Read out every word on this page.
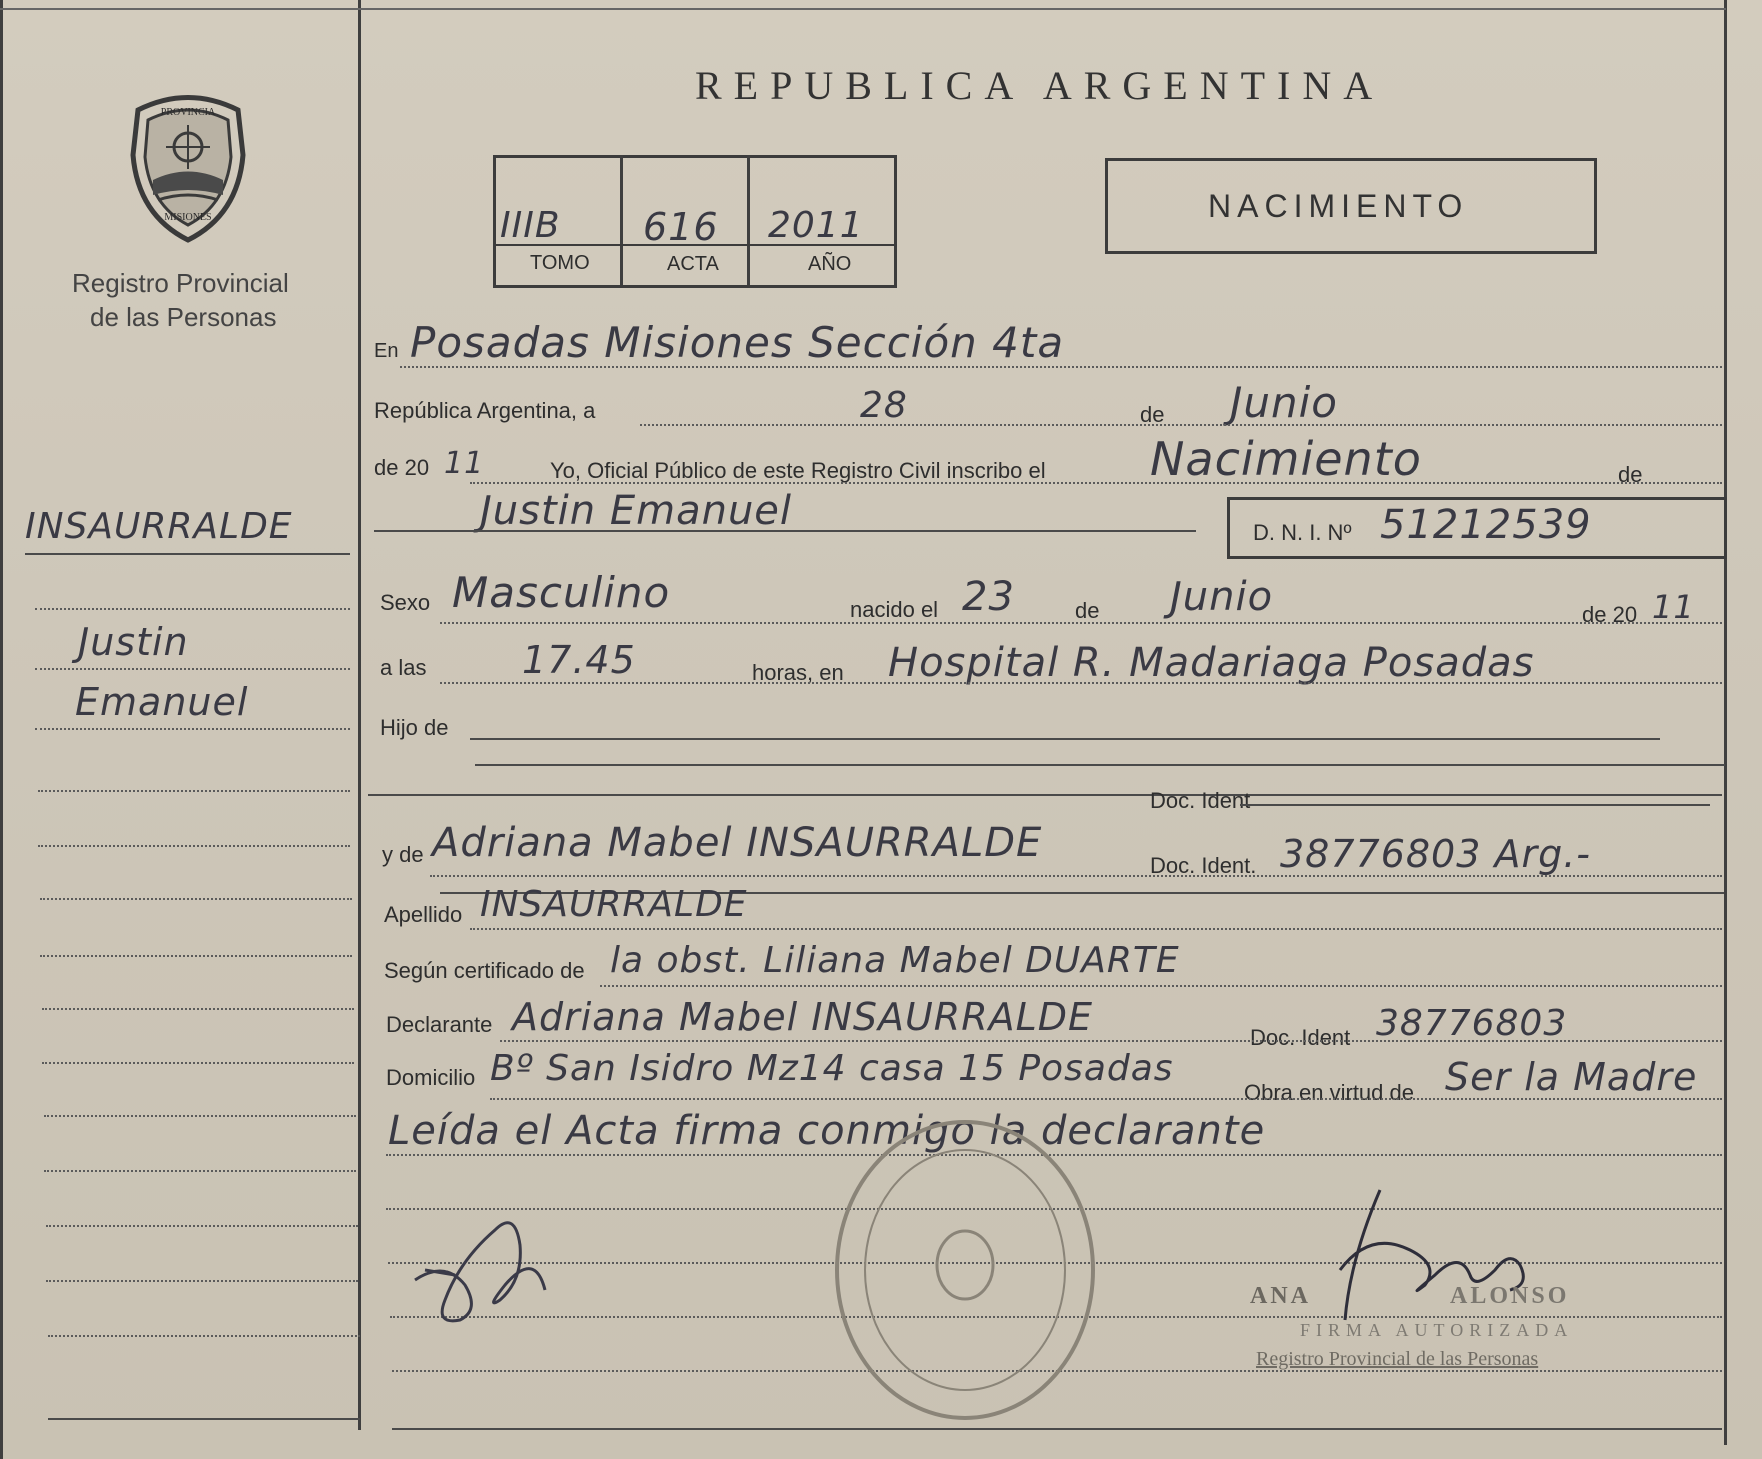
PROVINCIA
MISIONES
Registro Provincial
de las Personas
INSAURRALDE
Justin
Emanuel
REPUBLICA ARGENTINA
IIIB 616 2011
TOMO	ACTA	AÑO
NACIMIENTO
En Posadas Misiones Sección 4ta
República Argentina, a	28	de Junio
de 20 11	Yo, Oficial Público de este Registro Civil inscribo el Nacimiento	de
Justin Emanuel	D. N. I. Nº 51212539
Sexo Masculino	nacido el 23	de Junio	de 20 11
a las	17.45	horas, en Hospital R. Madariaga Posadas
Hijo de
Doc. Ident
y de Adriana Mabel INSAURRALDE	Doc. Ident. 38776803 Arg.-
Apellido INSAURRALDE
Según certificado de la obst. Liliana Mabel DUARTE
Declarante Adriana Mabel INSAURRALDE	Doc. Ident 38776803
Domicilio Bº San Isidro Mz14 casa 15 Posadas
Obra en virtud de Ser la Madre
Leída el Acta firma conmigo la declarante
ANA	ALONSO
FIRMA AUTORIZADA
Registro Provincial de las Personas
